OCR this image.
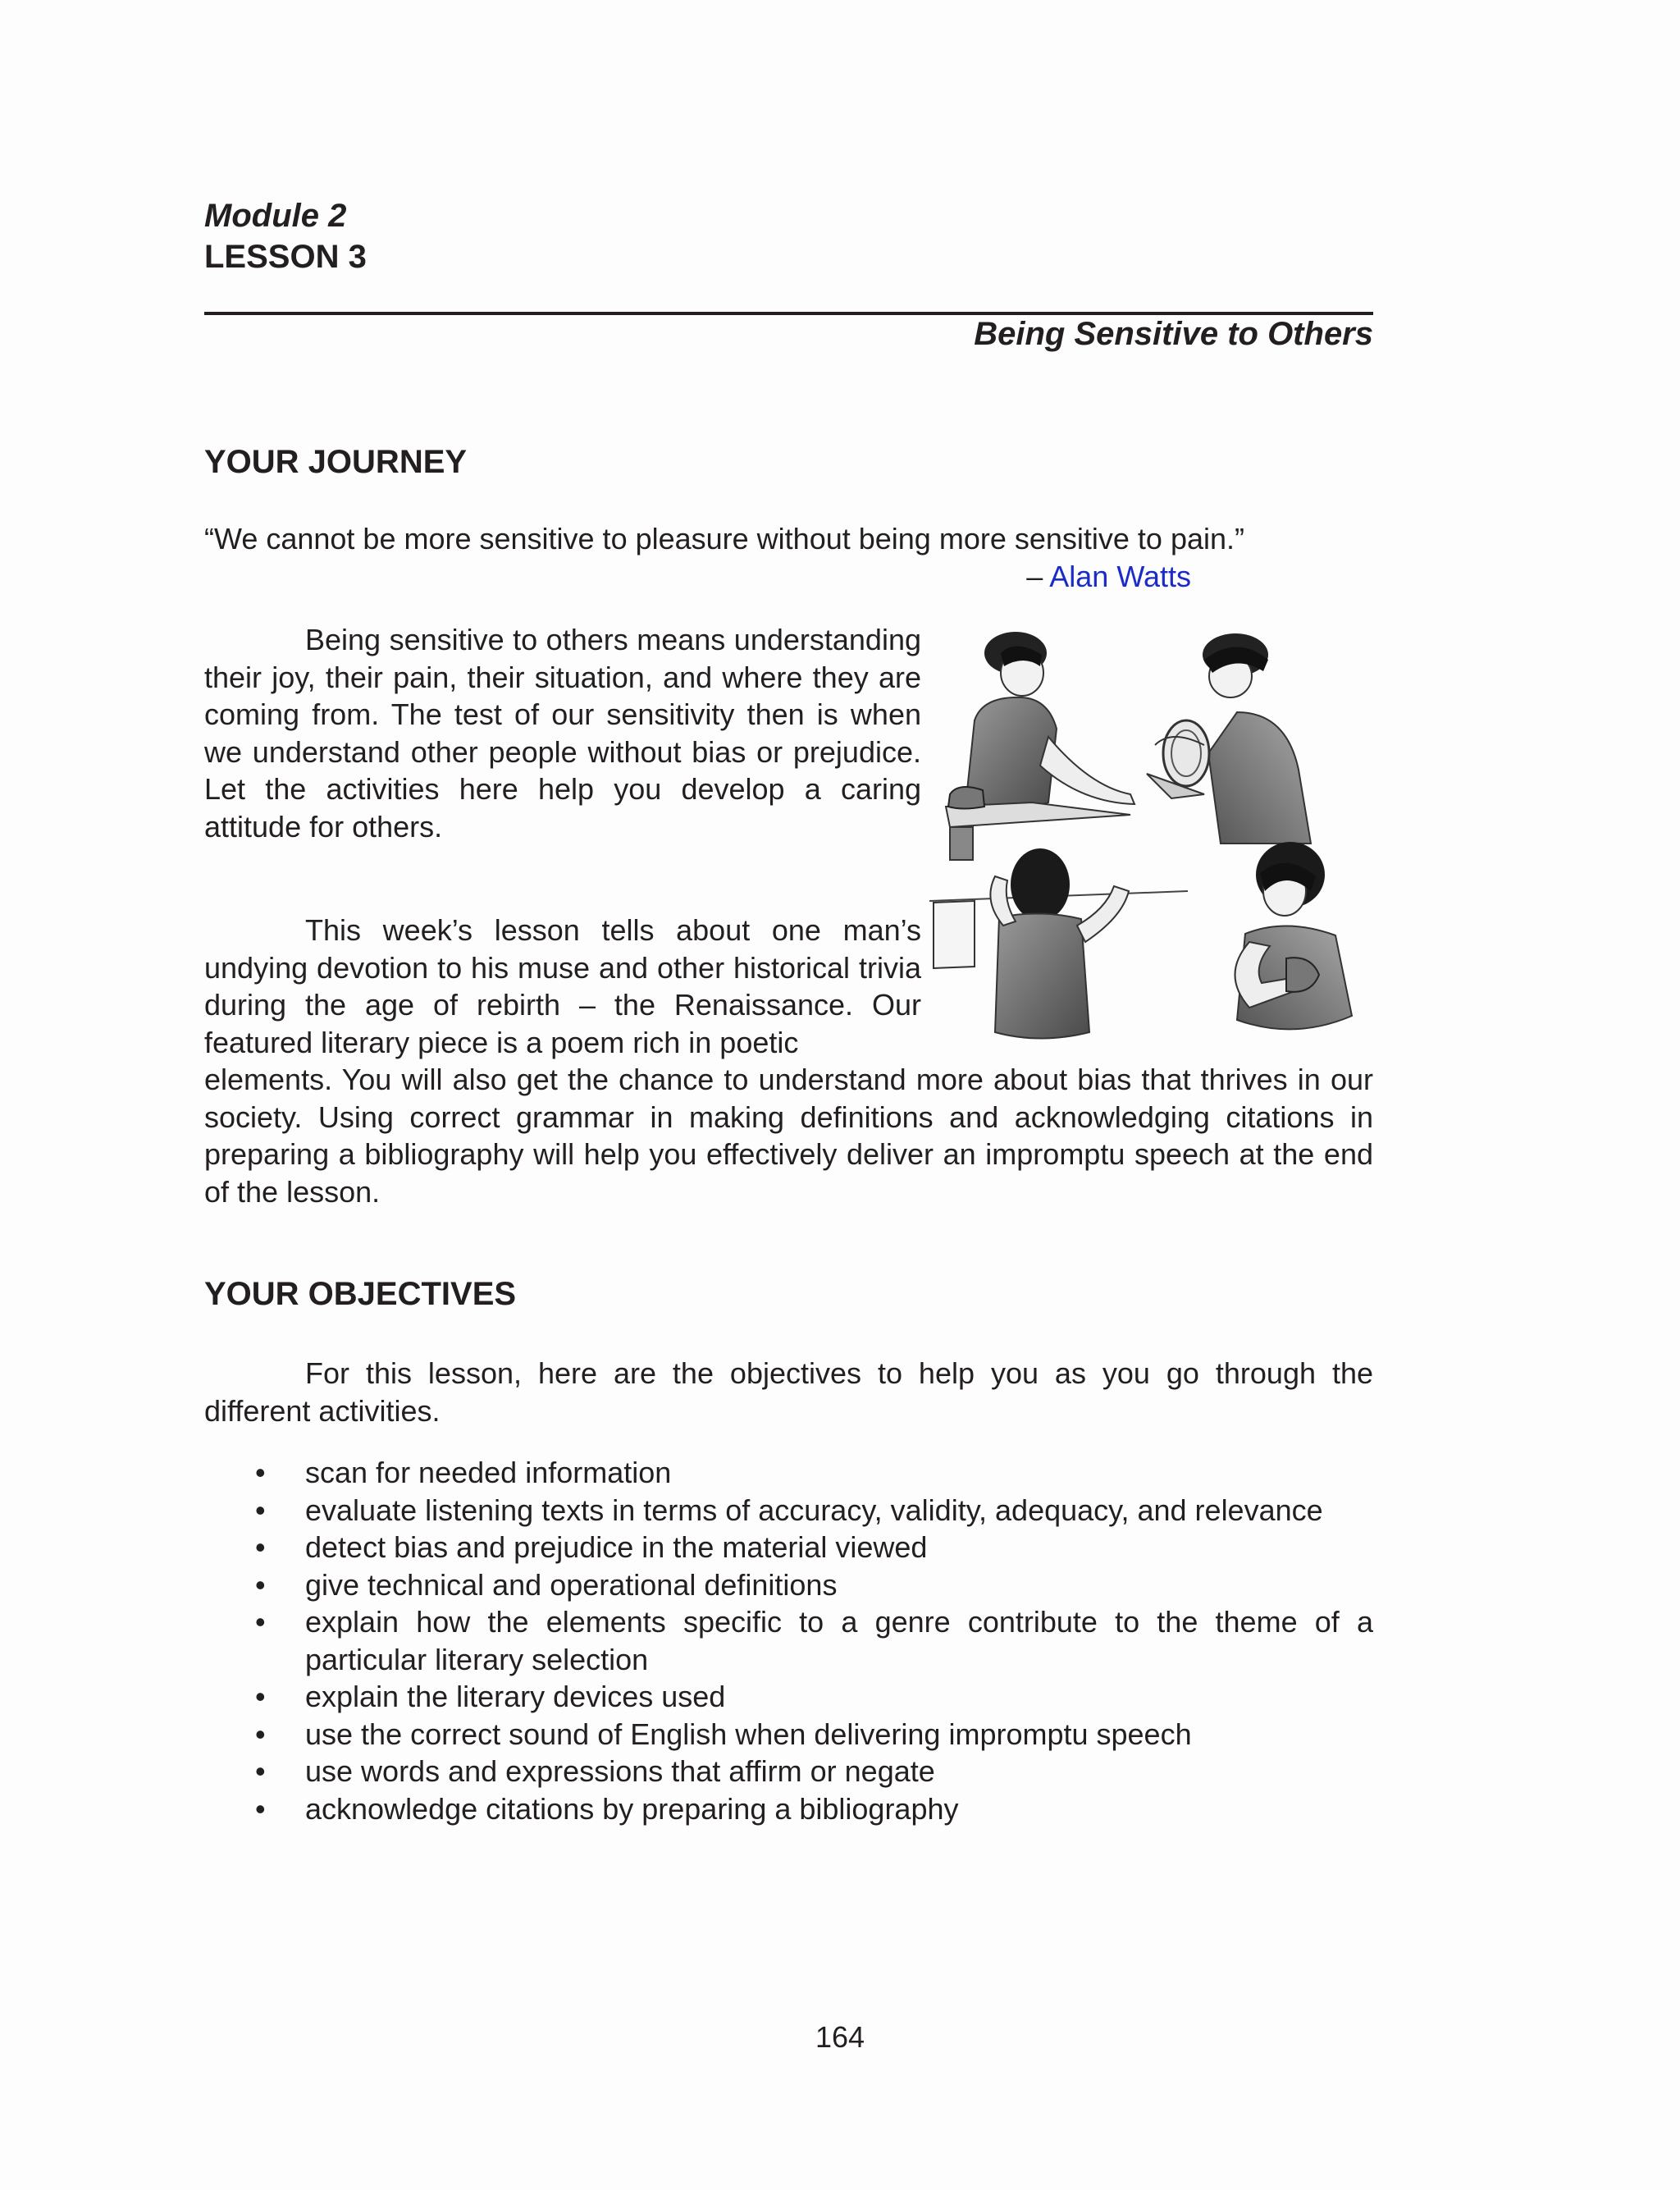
Module 2
LESSON 3
Being Sensitive to Others
YOUR JOURNEY
“We cannot be more sensitive to pleasure without being more sensitive to pain.”
– Alan Watts

Being sensitive to others means understanding their joy, their pain, their situation, and where they are coming from. The test of our sensitivity then is when we understand other people without bias or prejudice. Let the activities here help you develop a caring attitude for others.

This week’s lesson tells about one man’s undying devotion to his muse and other historical trivia during the age of rebirth – the Renaissance. Our featured literary piece is a poem rich in poetic

elements. You will also get the chance to understand more about bias that thrives in our society. Using correct grammar in making definitions and acknowledging citations in preparing a bibliography will help you effectively deliver an impromptu speech at the end of the lesson.

YOUR OBJECTIVES

For this lesson, here are the objectives to help you as you go through the different activities.

• scan for needed information
• evaluate listening texts in terms of accuracy, validity, adequacy, and relevance
• detect bias and prejudice in the material viewed
• give technical and operational definitions
• explain how the elements specific to a genre contribute to the theme of a particular literary selection
• explain the literary devices used
• use the correct sound of English when delivering impromptu speech
• use words and expressions that affirm or negate
• acknowledge citations by preparing a bibliography
164
